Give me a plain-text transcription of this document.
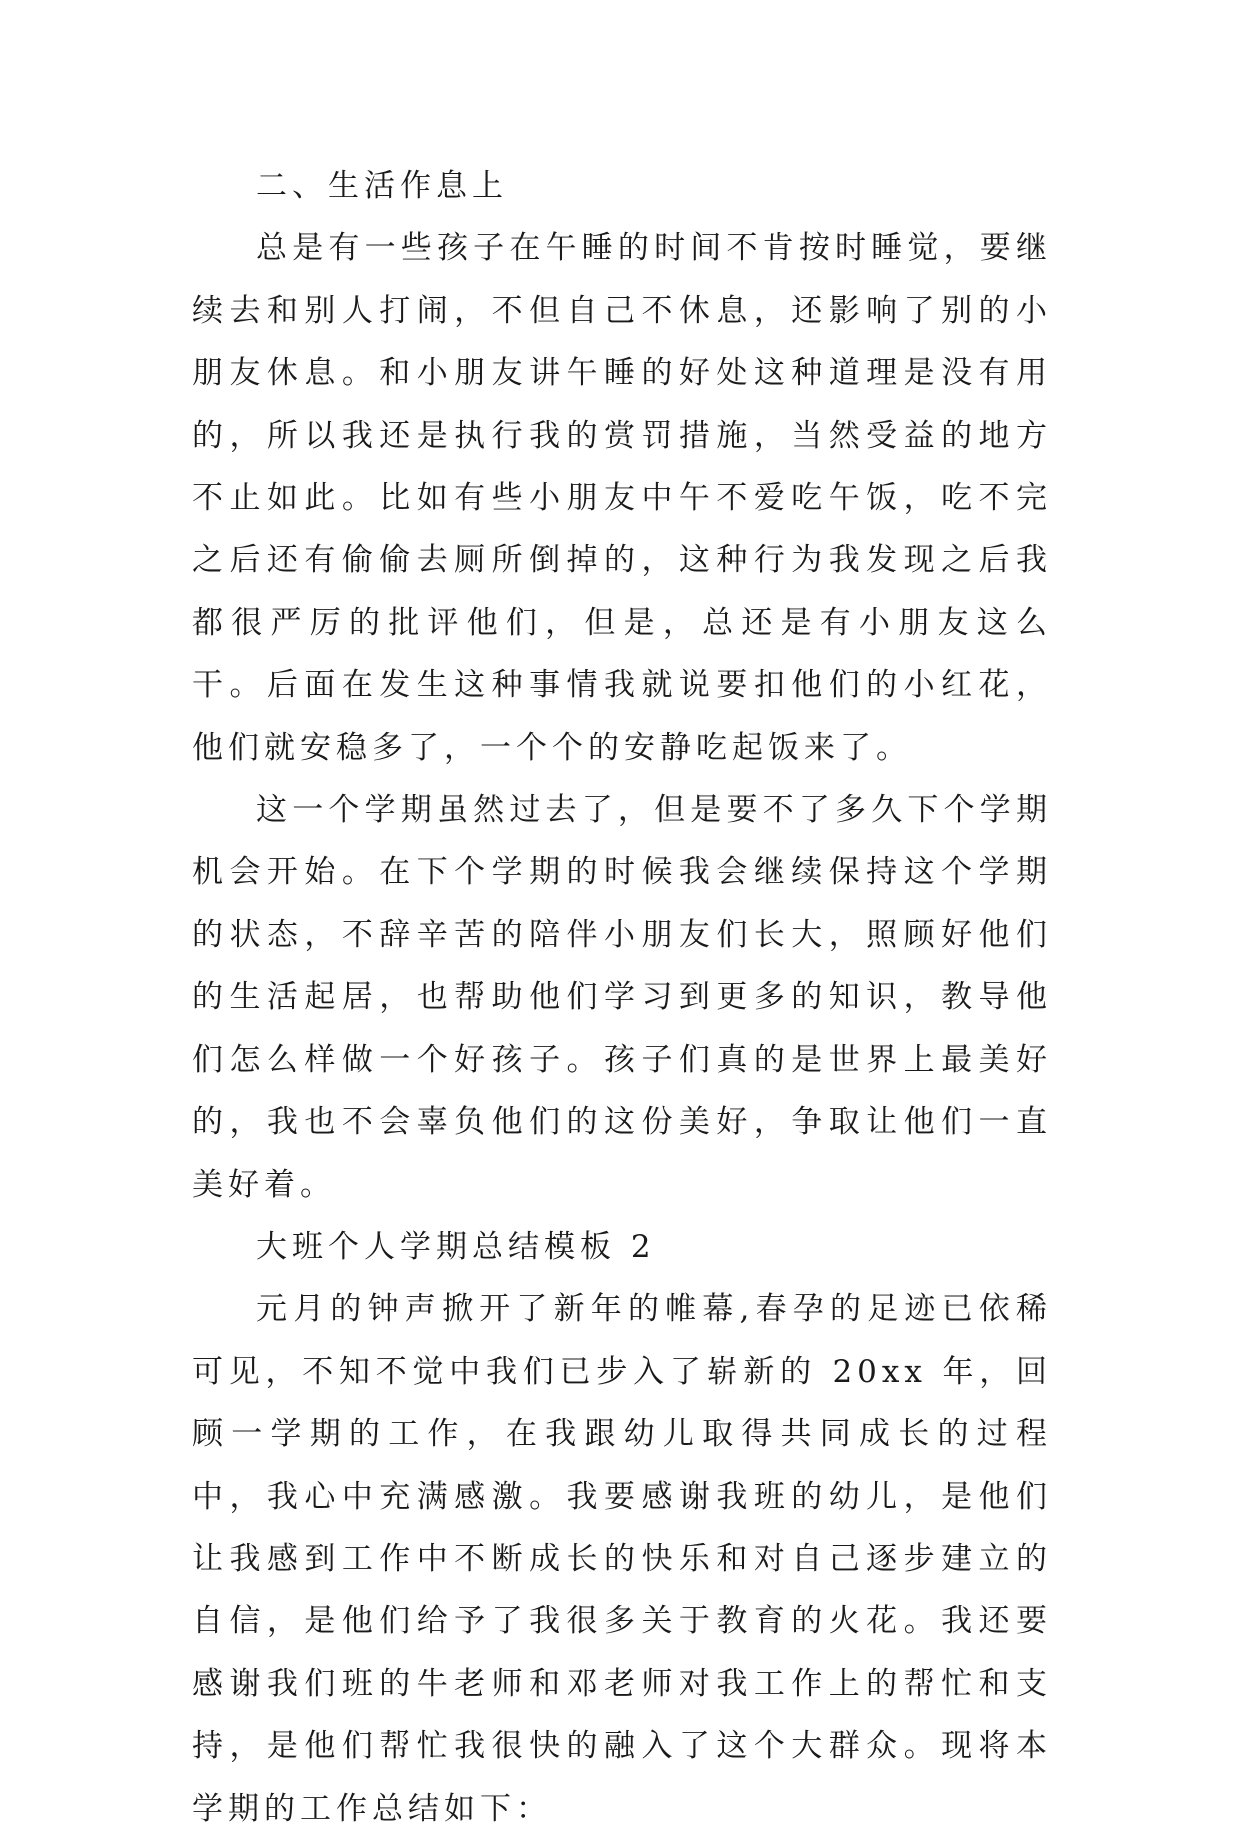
二、生活作息上

总是有一些孩子在午睡的时间不肯按时睡觉，要继续去和别人打闹，不但自己不休息，还影响了别的小朋友休息。和小朋友讲午睡的好处这种道理是没有用的，所以我还是执行我的赏罚措施，当然受益的地方不止如此。比如有些小朋友中午不爱吃午饭，吃不完之后还有偷偷去厕所倒掉的，这种行为我发现之后我都很严厉的批评他们，但是，总还是有小朋友这么干。后面在发生这种事情我就说要扣他们的小红花，他们就安稳多了，一个个的安静吃起饭来了。

这一个学期虽然过去了，但是要不了多久下个学期机会开始。在下个学期的时候我会继续保持这个学期的状态，不辞辛苦的陪伴小朋友们长大，照顾好他们的生活起居，也帮助他们学习到更多的知识，教导他们怎么样做一个好孩子。孩子们真的是世界上最美好的，我也不会辜负他们的这份美好，争取让他们一直美好着。

大班个人学期总结模板 2

元月的钟声掀开了新年的帷幕,春孕的足迹已依稀可见，不知不觉中我们已步入了崭新的 20xx 年，回顾一学期的工作，在我跟幼儿取得共同成长的过程中，我心中充满感激。我要感谢我班的幼儿，是他们让我感到工作中不断成长的快乐和对自己逐步建立的自信，是他们给予了我很多关于教育的火花。我还要感谢我们班的牛老师和邓老师对我工作上的帮忙和支持，是他们帮忙我很快的融入了这个大群众。现将本学期的工作总结如下：
